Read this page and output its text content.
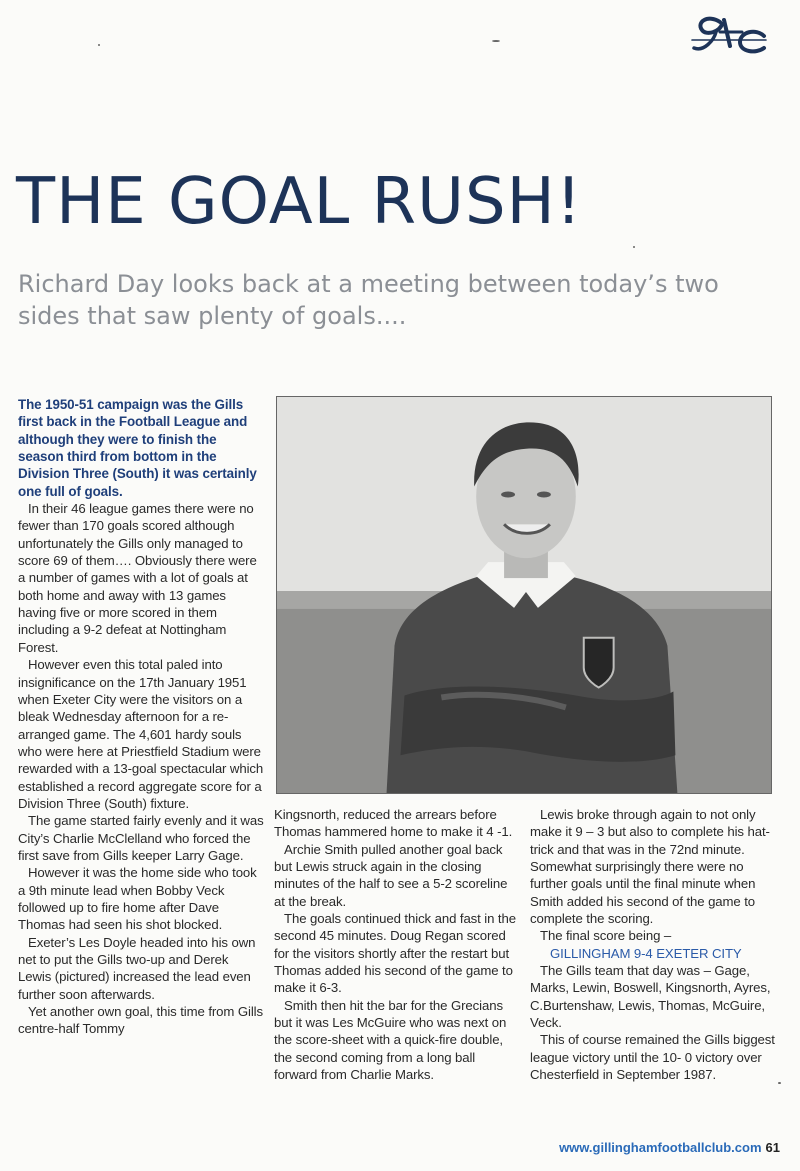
THE GOAL RUSH!

Richard Day looks back at a meeting between today’s two sides that saw plenty of goals....

The 1950-51 campaign was the Gills first back in the Football League and although they were to finish the season third from bottom in the Division Three (South) it was certainly one full of goals.

In their 46 league games there were no fewer than 170 goals scored although unfortunately the Gills only managed to score 69 of them…. Obviously there were a number of games with a lot of goals at both home and away with 13 games having five or more scored in them including a 9-2 defeat at Nottingham Forest.

However even this total paled into insignificance on the 17th January 1951 when Exeter City were the visitors on a bleak Wednesday afternoon for a re-arranged game. The 4,601 hardy souls who were here at Priestfield Stadium were rewarded with a 13-goal spectacular which established a record aggregate score for a Division Three (South) fixture.

The game started fairly evenly and it was City’s Charlie McClelland who forced the first save from Gills keeper Larry Gage.

However it was the home side who took a 9th minute lead when Bobby Veck followed up to fire home after Dave Thomas had seen his shot blocked.

Exeter’s Les Doyle headed into his own net to put the Gills two-up and Derek Lewis (pictured) increased the lead even further soon afterwards.

Yet another own goal, this time from Gills centre-half Tommy

Kingsnorth, reduced the arrears before Thomas hammered home to make it 4 -1.

Archie Smith pulled another goal back but Lewis struck again in the closing minutes of the half to see a 5-2 scoreline at the break.

The goals continued thick and fast in the second 45 minutes. Doug Regan scored for the visitors shortly after the restart but Thomas added his second of the game to make it 6-3.

Smith then hit the bar for the Grecians but it was Les McGuire who was next on the score-sheet with a quick-fire double, the second coming from a long ball forward from Charlie Marks.

Lewis broke through again to not only make it 9 – 3 but also to complete his hat-trick and that was in the 72nd minute. Somewhat surprisingly there were no further goals until the final minute when Smith added his second of the game to complete the scoring.

The final score being –

GILLINGHAM 9-4 EXETER CITY

The Gills team that day was – Gage, Marks, Lewin, Boswell, Kingsnorth, Ayres, C.Burtenshaw, Lewis, Thomas, McGuire, Veck.

This of course remained the Gills biggest league victory until the 10- 0 victory over Chesterfield in September 1987.

www.gillinghamfootballclub.com 61
